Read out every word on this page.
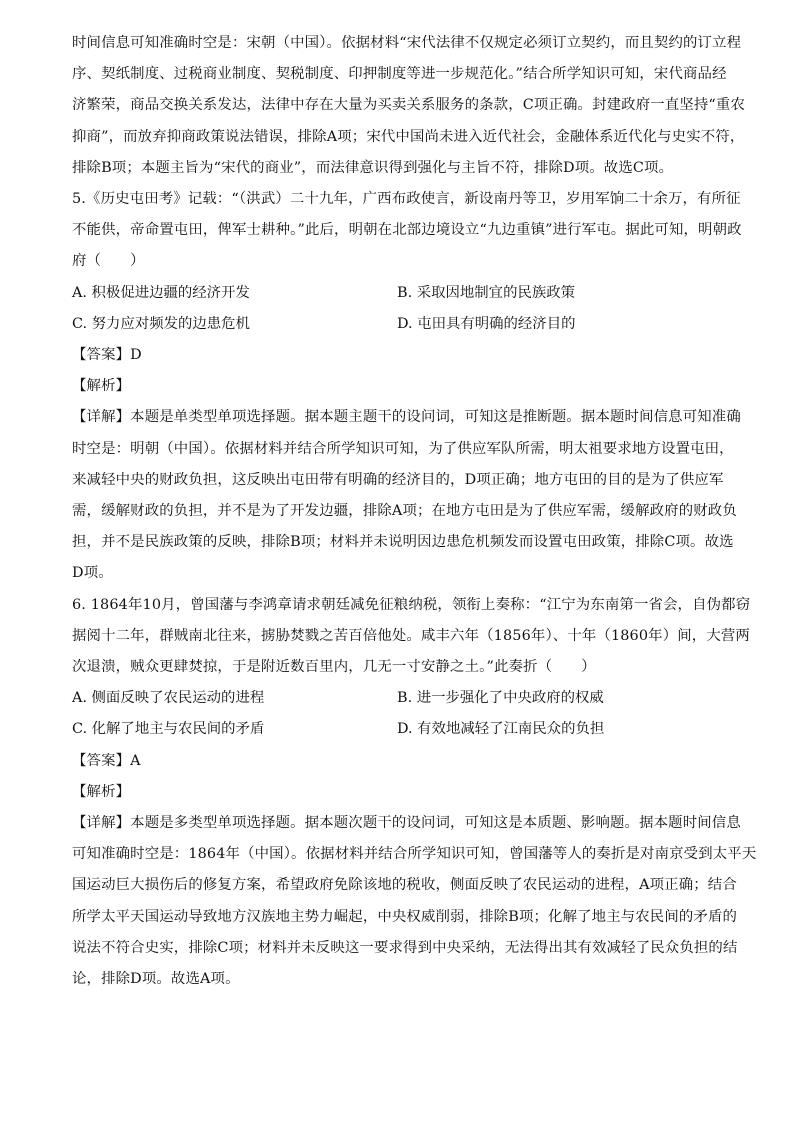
时间信息可知准确时空是：宋朝（中国）。依据材料“宋代法律不仅规定必须订立契约，而且契约的订立程
序、契纸制度、过税商业制度、契税制度、印押制度等进一步规范化。”结合所学知识可知，宋代商品经
济繁荣，商品交换关系发达，法律中存在大量为买卖关系服务的条款，C项正确。封建政府一直坚持“重农
抑商”，而放弃抑商政策说法错误，排除A项；宋代中国尚未进入近代社会，金融体系近代化与史实不符，
排除B项；本题主旨为“宋代的商业”，而法律意识得到强化与主旨不符，排除D项。故选C项。
5.《历史屯田考》记载：“（洪武）二十九年，广西布政使言，新设南丹等卫，岁用军饷二十余万，有所征
不能供，帝命置屯田，俾军士耕种。”此后，明朝在北部边境设立“九边重镇”进行军屯。据此可知，明朝政
府（　　）
A. 积极促进边疆的经济开发	B. 采取因地制宜的民族政策
C. 努力应对频发的边患危机	D. 屯田具有明确的经济目的
【答案】D
【解析】
【详解】本题是单类型单项选择题。据本题主题干的设问词，可知这是推断题。据本题时间信息可知准确
时空是：明朝（中国）。依据材料并结合所学知识可知，为了供应军队所需，明太祖要求地方设置屯田，
来减轻中央的财政负担，这反映出屯田带有明确的经济目的，D项正确；地方屯田的目的是为了供应军
需，缓解财政的负担，并不是为了开发边疆，排除A项；在地方屯田是为了供应军需，缓解政府的财政负
担，并不是民族政策的反映，排除B项；材料并未说明因边患危机频发而设置屯田政策，排除C项。故选
D项。
6. 1864年10月，曾国藩与李鸿章请求朝廷减免征粮纳税，领衔上奏称：“江宁为东南第一省会，自伪都窃
据阅十二年，群贼南北往来，掳胁焚戮之苦百倍他处。咸丰六年（1856年）、十年（1860年）间，大营两
次退溃，贼众更肆焚掠，于是附近数百里内，几无一寸安静之土。”此奏折（　　）
A. 侧面反映了农民运动的进程	B. 进一步强化了中央政府的权威
C. 化解了地主与农民间的矛盾	D. 有效地减轻了江南民众的负担
【答案】A
【解析】
【详解】本题是多类型单项选择题。据本题次题干的设问词，可知这是本质题、影响题。据本题时间信息
可知准确时空是：1864年（中国）。依据材料并结合所学知识可知，曾国藩等人的奏折是对南京受到太平天
国运动巨大损伤后的修复方案，希望政府免除该地的税收，侧面反映了农民运动的进程，A项正确；结合
所学太平天国运动导致地方汉族地主势力崛起，中央权威削弱，排除B项；化解了地主与农民间的矛盾的
说法不符合史实，排除C项；材料并未反映这一要求得到中央采纳，无法得出其有效减轻了民众负担的结
论，排除D项。故选A项。
